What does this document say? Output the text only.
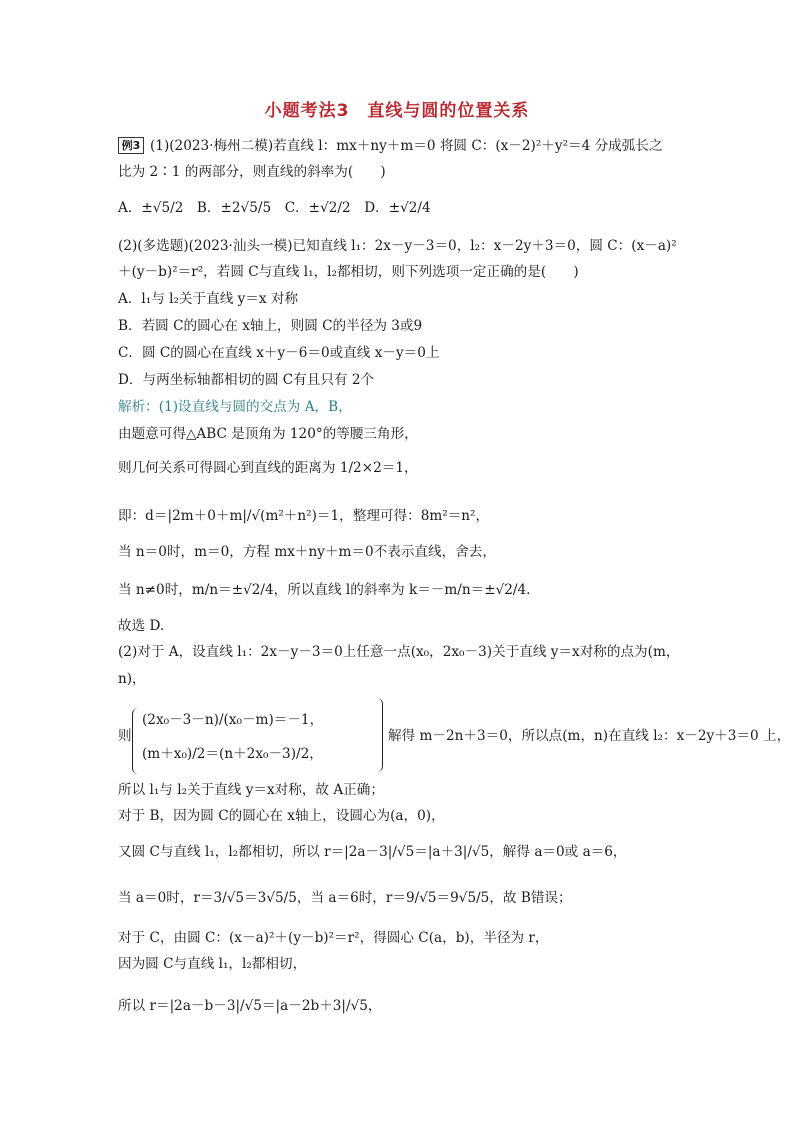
小题考法3　直线与圆的位置关系
例3 (1)(2023·梅州二模)若直线 l：mx＋ny＋m＝0 将圆 C：(x－2)²＋y²＝4 分成弧长之
比为 2∶1 的两部分，则直线的斜率为(　　)
A．±√5/2　B．±2√5/5　C．±√2/2　D．±√2/4
(2)(多选题)(2023·汕头一模)已知直线 l₁：2x－y－3＝0，l₂：x－2y＋3＝0，圆 C：(x－a)²
＋(y－b)²＝r²，若圆 C与直线 l₁，l₂都相切，则下列选项一定正确的是(　　)
A．l₁与 l₂关于直线 y＝x 对称
B．若圆 C的圆心在 x轴上，则圆 C的半径为 3或9
C．圆 C的圆心在直线 x＋y－6＝0或直线 x－y＝0上
D．与两坐标轴都相切的圆 C有且只有 2个
解析：(1)设直线与圆的交点为 A，B，
由题意可得△ABC 是顶角为 120°的等腰三角形，
则几何关系可得圆心到直线的距离为 1/2×2＝1，
即：d＝|2m＋0＋m|/√(m²＋n²)＝1，整理可得：8m²＝n²，
当 n＝0时，m＝0，方程 mx＋ny＋m＝0不表示直线，舍去，
当 n≠0时，m/n＝±√2/4，所以直线 l的斜率为 k＝－m/n＝±√2/4.
故选 D.
(2)对于 A，设直线 l₁：2x－y－3＝0上任意一点(x₀，2x₀－3)关于直线 y＝x对称的点为(m，
n)，
则
(2x₀－3－n)/(x₀－m)＝－1，
(m＋x₀)/2＝(n＋2x₀－3)/2，
解得 m－2n＋3＝0，所以点(m，n)在直线 l₂：x－2y＋3＝0 上，
所以 l₁与 l₂关于直线 y＝x对称，故 A正确；
对于 B，因为圆 C的圆心在 x轴上，设圆心为(a，0)，
又圆 C与直线 l₁，l₂都相切，所以 r＝|2a－3|/√5＝|a＋3|/√5，解得 a＝0或 a＝6，
当 a＝0时，r＝3/√5＝3√5/5，当 a＝6时，r＝9/√5＝9√5/5，故 B错误；
对于 C，由圆 C：(x－a)²＋(y－b)²＝r²，得圆心 C(a，b)，半径为 r，
因为圆 C与直线 l₁，l₂都相切，
所以 r＝|2a－b－3|/√5＝|a－2b＋3|/√5，
